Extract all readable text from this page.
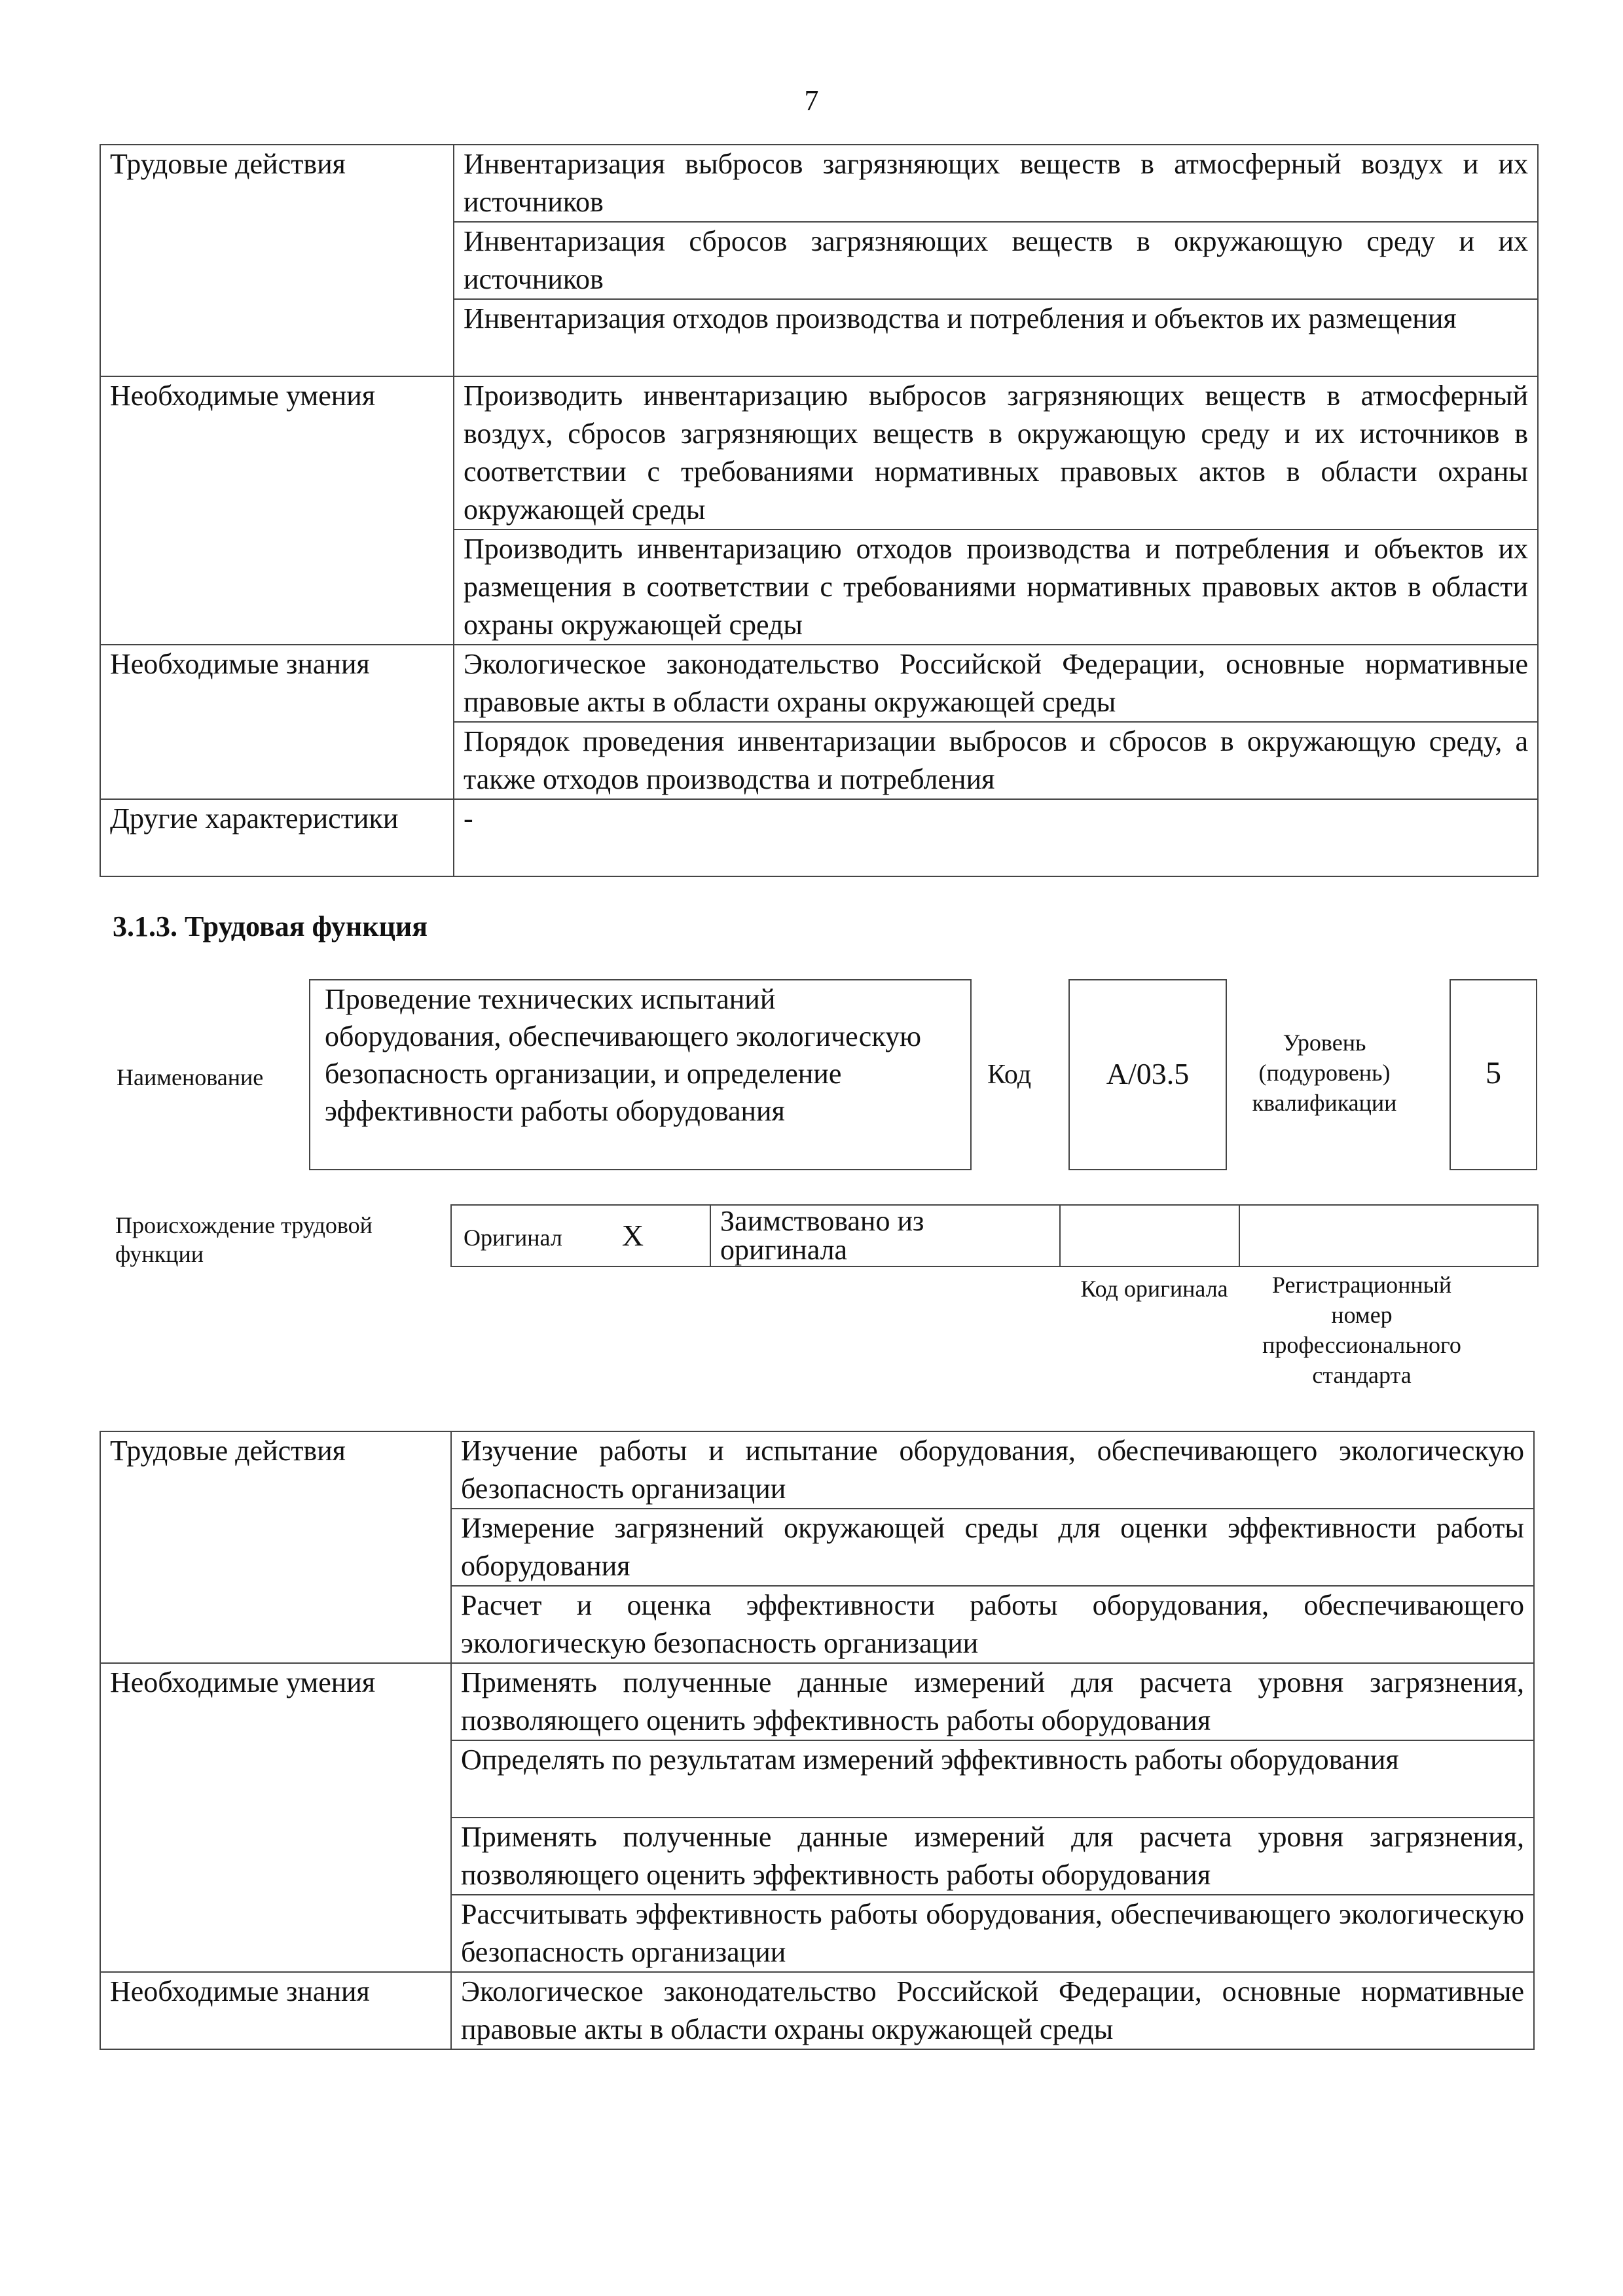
7
Трудовые действия	Инвентаризация выбросов загрязняющих веществ в атмосферный воздух и их источников
	Инвентаризация сбросов загрязняющих веществ в окружающую среду и их источников
	Инвентаризация отходов производства и потребления и объектов их размещения
Необходимые умения	Производить инвентаризацию выбросов загрязняющих веществ в атмосферный воздух, сбросов загрязняющих веществ в окружающую среду и их источников в соответствии с требованиями нормативных правовых актов в области охраны окружающей среды
	Производить инвентаризацию отходов производства и потребления и объектов их размещения в соответствии с требованиями нормативных правовых актов в области охраны окружающей среды
Необходимые знания	Экологическое законодательство Российской Федерации, основные нормативные правовые акты в области охраны окружающей среды
	Порядок проведения инвентаризации выбросов и сбросов в окружающую среду, а также отходов производства и потребления
Другие характеристики	-
3.1.3. Трудовая функция
Наименование
Проведение технических испытаний оборудования, обеспечивающего экологическую безопасность организации, и определение эффективности работы оборудования
Код	А/03.5
Уровень (подуровень) квалификации
5
Происхождение трудовой функции
Оригинал X	Заимствовано из оригинала		
Код оригинала	Регистрационный номер профессионального стандарта
Трудовые действия	Изучение работы и испытание оборудования, обеспечивающего экологическую безопасность организации
	Измерение загрязнений окружающей среды для оценки эффективности работы оборудования
	Расчет и оценка эффективности работы оборудования, обеспечивающего экологическую безопасность организации
Необходимые умения	Применять полученные данные измерений для расчета уровня загрязнения, позволяющего оценить эффективность работы оборудования
	Определять по результатам измерений эффективность работы оборудования
	Применять полученные данные измерений для расчета уровня загрязнения, позволяющего оценить эффективность работы оборудования
	Рассчитывать эффективность работы оборудования, обеспечивающего экологическую безопасность организации
Необходимые знания	Экологическое законодательство Российской Федерации, основные нормативные правовые акты в области охраны окружающей среды
